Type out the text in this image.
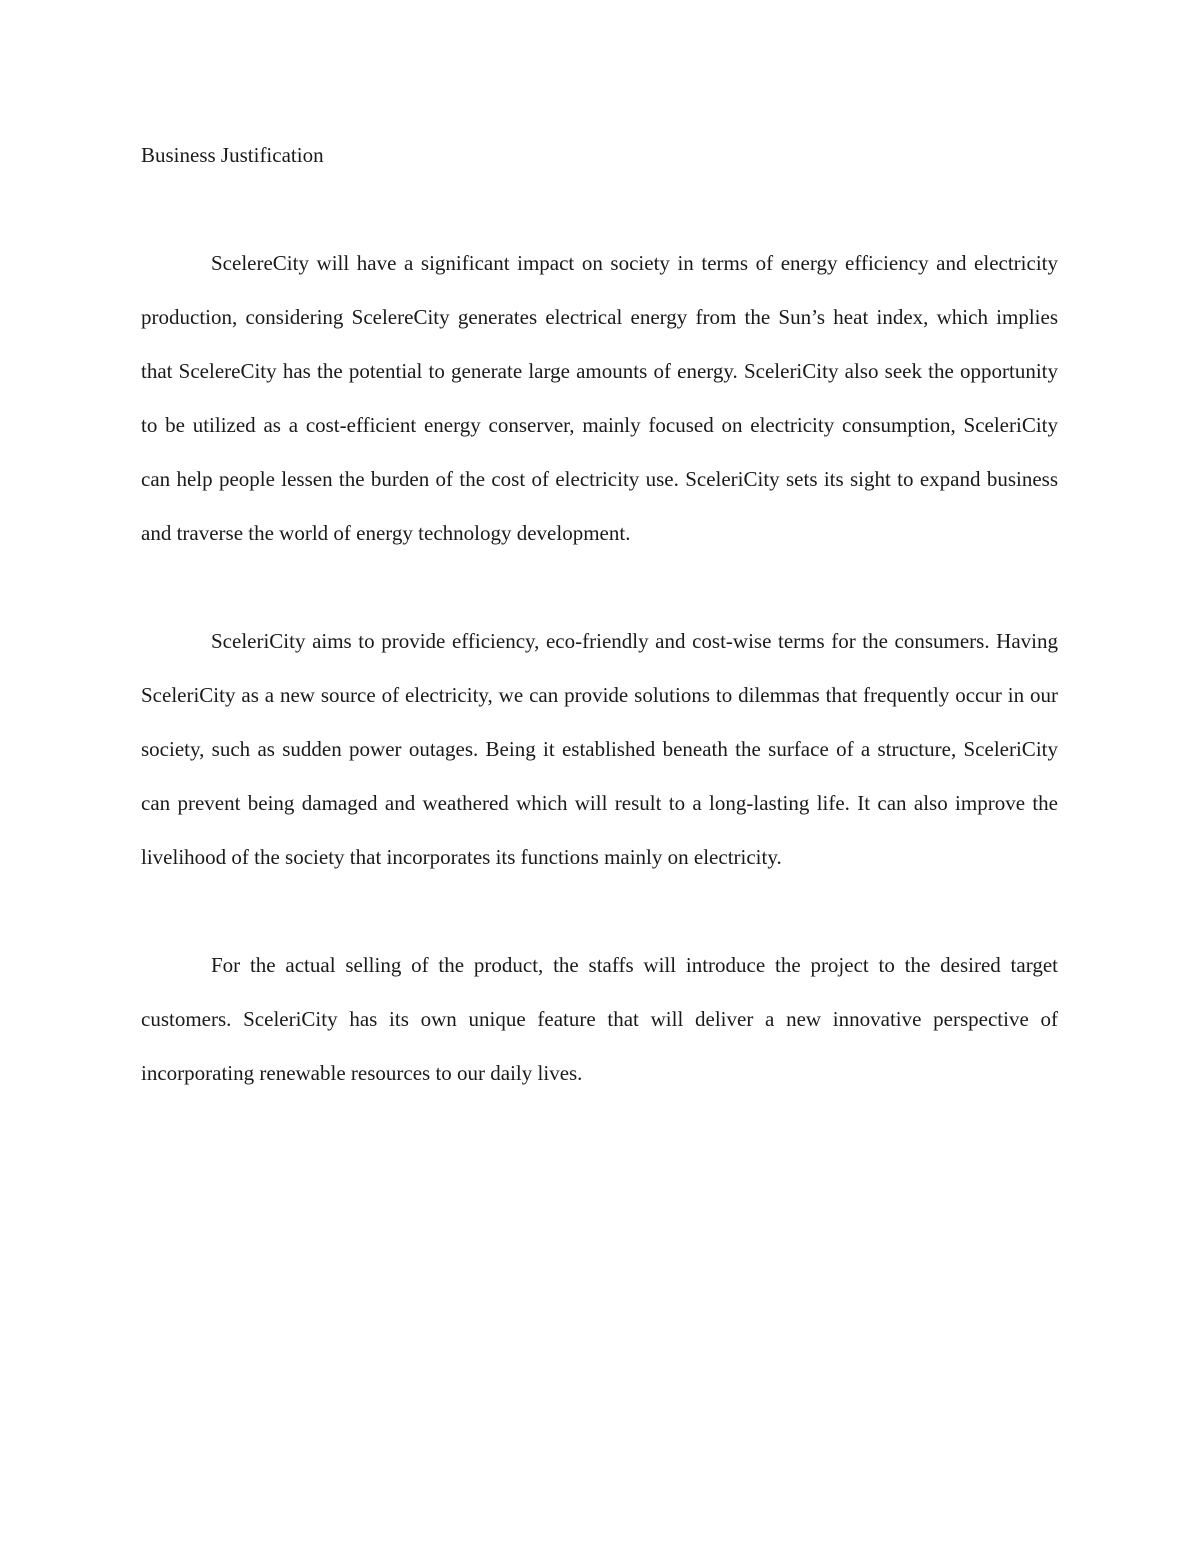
Business Justification

ScelereCity will have a significant impact on society in terms of energy efficiency and electricity production, considering ScelereCity generates electrical energy from the Sun’s heat index, which implies that ScelereCity has the potential to generate large amounts of energy. SceleriCity also seek the opportunity to be utilized as a cost-efficient energy conserver, mainly focused on electricity consumption, SceleriCity can help people lessen the burden of the cost of electricity use. SceleriCity sets its sight to expand business and traverse the world of energy technology development.

SceleriCity aims to provide efficiency, eco-friendly and cost-wise terms for the consumers. Having SceleriCity as a new source of electricity, we can provide solutions to dilemmas that frequently occur in our society, such as sudden power outages. Being it established beneath the surface of a structure, SceleriCity can prevent being damaged and weathered which will result to a long-lasting life. It can also improve the livelihood of the society that incorporates its functions mainly on electricity.

For the actual selling of the product, the staffs will introduce the project to the desired target customers. SceleriCity has its own unique feature that will deliver a new innovative perspective of incorporating renewable resources to our daily lives.
